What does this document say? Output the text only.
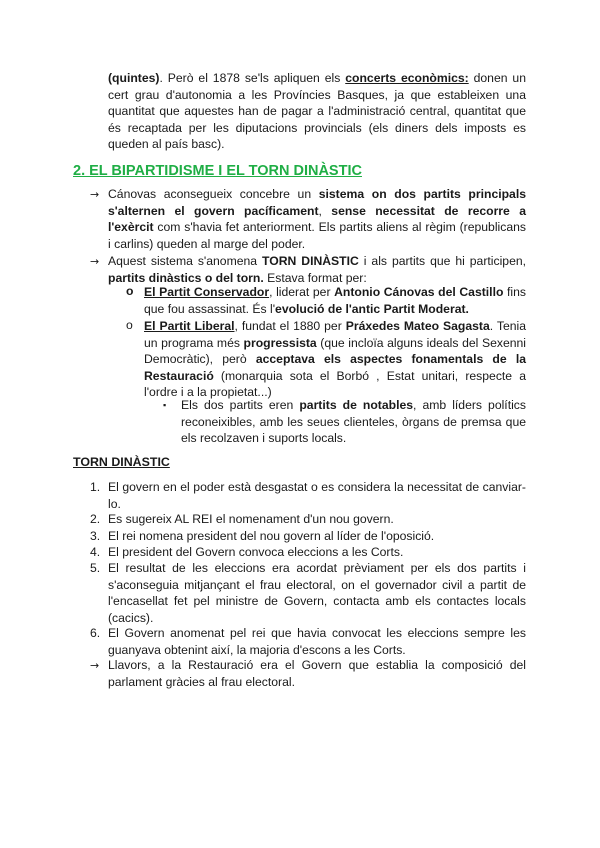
(quintes). Però el 1878 se'ls apliquen els concerts econòmics: donen un cert grau d'autonomia a les Províncies Basques, ja que estableixen una quantitat que aquestes han de pagar a l'administració central, quantitat que és recaptada per les diputacions provincials (els diners dels imposts es queden al país basc).

2. EL BIPARTIDISME I EL TORN DINÀSTIC
→ Cánovas aconsegueix concebre un sistema on dos partits principals s'alternen el govern pacíficament, sense necessitat de recorre a l'exèrcit com s'havia fet anteriorment. Els partits aliens al règim (republicans i carlins) queden al marge del poder.

→ Aquest sistema s'anomena TORN DINÀSTIC i als partits que hi participen, partits dinàstics o del torn. Estava format per:

o El Partit Conservador, liderat per Antonio Cánovas del Castillo fins que fou assassinat. És l'evolució de l'antic Partit Moderat.

o El Partit Liberal, fundat el 1880 per Práxedes Mateo Sagasta. Tenia un programa més progressista (que incloïa alguns ideals del Sexenni Democràtic), però acceptava els aspectes fonamentals de la Restauració (monarquia sota el Borbó , Estat unitari, respecte a l'ordre i a la propietat...)

▪ Els dos partits eren partits de notables, amb líders polítics reconeixibles, amb les seues clienteles, òrgans de premsa que els recolzaven i suports locals.

TORN DINÀSTIC

1. El govern en el poder està desgastat o es considera la necessitat de canviar-lo.

2. Es sugereix AL REI el nomenament d'un nou govern.

3. El rei nomena president del nou govern al líder de l'oposició.

4. El president del Govern convoca eleccions a les Corts.

5. El resultat de les eleccions era acordat prèviament per els dos partits i s'aconseguia mitjançant el frau electoral, on el governador civil a partit de l'encasellat fet pel ministre de Govern, contacta amb els contactes locals (cacics).

6. El Govern anomenat pel rei que havia convocat les eleccions sempre les guanyava obtenint així, la majoria d'escons a les Corts.

→ Llavors, a la Restauració era el Govern que establia la composició del parlament gràcies al frau electoral.
